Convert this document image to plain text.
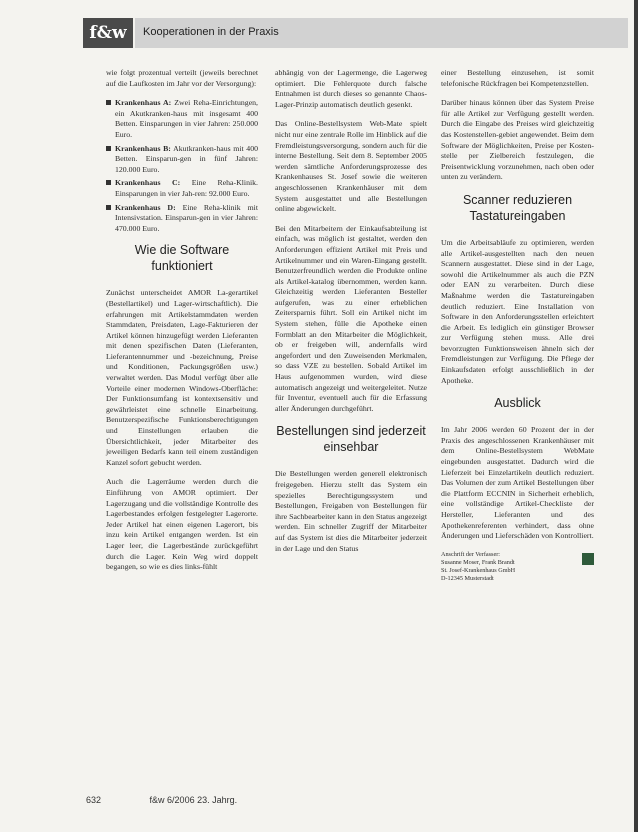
f&w	Kooperationen in der Praxis

wie folgt prozentual verteilt (jeweils berechnet auf die Laufkosten im Jahr vor der Versorgung):

Krankenhaus A: Zwei Reha-Einrichtungen, ein Akutkranken-haus mit insgesamt 400 Betten. Einsparungen in vier Jahren: 250.000 Euro.
Krankenhaus B: Akutkranken-haus mit 400 Betten. Einsparun-gen in fünf Jahren: 120.000 Euro.
Krankenhaus C: Eine Reha-Klinik. Einsparungen in vier Jah-ren: 92.000 Euro.
Krankenhaus D: Eine Reha-klinik mit Intensivstation. Einsparun-gen in vier Jahren: 470.000 Euro.
Wie die Software funktioniert

Zunächst unterscheidet AMOR La-gerartikel (Bestellartikel) und Lager-wirtschaftlich). Die erfahrungen mit Artikelstammdaten werden Stammdaten, Preisdaten, Lage-Fakturieren der Artikel können hinzugefügt werden Lieferanten mit denen spezifischen Daten (Lieferanten, Lieferantennummer und -bezeichnung, Preise und Konditionen, Packungsgrößen usw.) verwaltet werden. Das Modul verfügt über alle Vorteile einer modernen Windows-Oberfläche: Der Funktionsumfang ist kontextsensitiv und gewährleistet eine schnelle Einarbeitung. Benutzerspezifische Funktionsberechtigungen und Einstellungen erlauben die Übersichtlichkeit, jeder Mitarbeiter des jeweiligen Bedarfs kann teil einem zuständigen Kanzel sofort gebucht werden.

Auch die Lagerräume werden durch die Einführung von AMOR optimiert. Der Lagerzugang und die vollständige Kontrolle des Lagerbestandes erfolgen festgelegter Lagerorte. Jeder Artikel hat einen eigenen Lagerort, bis inzu kein Artikel entgangen werden. Ist ein Lager leer, die Lagerbestände zurückgeführt durch die Lager. Kein Weg wird doppelt begangen, so wie es dies links-fühlt

abhängig von der Lagermenge, die Lagerweg optimiert. Die Fehlerquote durch falsche Entnahmen ist durch dieses so genannte Chaos-Lager-Prinzip automatisch deutlich gesenkt.

Das Online-Bestellsystem Web-Mate spielt nicht nur eine zentrale Rolle im Hinblick auf die Fremdleistungsversorgung, sondern auch für die interne Bestellung. Seit dem 8. September 2005 werden sämtliche Anforderungsprozesse des Krankenhauses St. Josef sowie die weiteren angeschlossenen Krankenhäuser mit dem System ausgestattet und alle Bestellungen online abgewickelt.

Bei den Mitarbeitern der Einkaufsabteilung ist einfach, was möglich ist gestaltet, werden den Anforderungen effizient Artikel mit Preis und Artikelnummer und ein Waren-Eingang gestellt. Benutzerfreundlich werden die Produkte online als Artikel-katalog übernommen, werden kann. Gleichzeitig werden Lieferanten Besteller aufgerufen, was zu einer erheblichen Zeitersparnis führt. Soll ein Artikel nicht im System stehen, fülle die Apotheke einen Formblatt an den Mitarbeiter die Möglichkeit, ob er freigeben will, andernfalls wird angefordert und den Zuweisenden Merkmalen, so dass VZE zu bestellen. Sobald Artikel im Haus aufgenommen wurden, wird diese automatisch angezeigt und weitergeleitet. Nutze für Inventur, eventuell auch für die Erfassung aller Änderungen durchgeführt.

Bestellungen sind jederzeit einsehbar

Die Bestellungen werden generell elektronisch freigegeben. Hierzu stellt das System ein spezielles Berechtigungssystem und Bestellungen, Freigaben von Bestellungen für ihre Sachbearbeiter kann in den Status angezeigt werden. Ein schneller Zugriff der Mitarbeiter auf das System ist dies die Mitarbeiter jederzeit in der Lage und den Status

einer Bestellung einzusehen, ist somit telefonische Rückfragen bei Kompetenzstellen.

Darüber hinaus können über das System Preise für alle Artikel zur Verfügung gestellt werden. Durch die Eingabe des Preises wird gleichzeitig das Kostenstellen-gebiet angewendet. Beim dem Software der Möglichkeiten, Preise per Kosten-stelle per Zielbereich festzulegen, die Preisentwicklung vorzunehmen, nach oben oder unten zu verändern.

Scanner reduzieren Tastatureingaben

Um die Arbeitsabläufe zu optimieren, werden alle Artikel-ausgestellten nach den neuen Scannern ausgestattet. Diese sind in der Lage, sowohl die Artikelnummer als auch die PZN oder EAN zu verarbeiten. Durch diese Maßnahme werden die Tastatureingaben deutlich reduziert. Eine Installation von Software in den Anforderungsstellen erleichtert die Arbeit. Es lediglich ein günstiger Browser zur Verfügung stehen muss. Alle drei bevorzugten Funktionsweisen ähneln sich der Fremdleistungen zur Verfügung. Die Pflege der Einkaufsdaten erfolgt ausschließlich in der Apotheke.

Ausblick

Im Jahr 2006 werden 60 Prozent der in der Praxis des angeschlossenen Krankenhäuser mit dem Online-Bestellsystem WebMate eingebunden ausgestattet. Dadurch wird die Lieferzeit bei Einzelartikeln deutlich reduziert. Das Volumen der zum Artikel Bestellungen über die Plattform ECCNIN in Sicherheit erheblich, eine vollständige Artikel-Checkliste der Hersteller, Lieferanten und des Apothekenreferenten verhindert, dass ohne Änderungen und Lieferschäden von Kontrolliert.

Anschrift der Verfasser:
Susanne Moser, Frank Brandt
St. Josef-Krankenhaus GmbH
D-12345 Musterstadt
632	f&w 6/2006 23. Jahrg.
